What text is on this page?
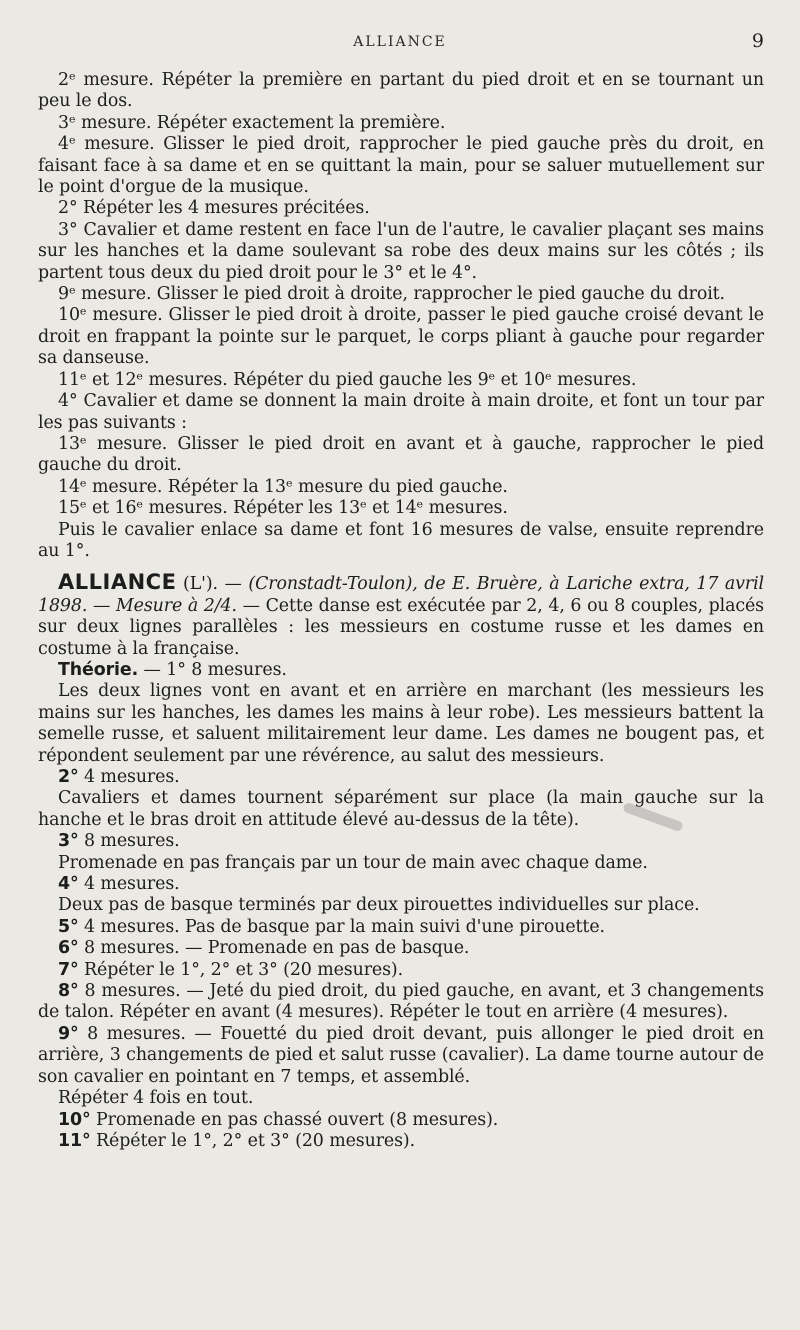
ALLIANCE	9

2ᵉ mesure. Répéter la première en partant du pied droit et en se tournant un peu le dos.

3ᵉ mesure. Répéter exactement la première.

4ᵉ mesure. Glisser le pied droit, rapprocher le pied gauche près du droit, en faisant face à sa dame et en se quittant la main, pour se saluer mutuellement sur le point d'orgue de la musique.

2° Répéter les 4 mesures précitées.

3° Cavalier et dame restent en face l'un de l'autre, le cavalier plaçant ses mains sur les hanches et la dame soulevant sa robe des deux mains sur les côtés ; ils partent tous deux du pied droit pour le 3° et le 4°.

9ᵉ mesure. Glisser le pied droit à droite, rapprocher le pied gauche du droit.

10ᵉ mesure. Glisser le pied droit à droite, passer le pied gauche croisé devant le droit en frappant la pointe sur le parquet, le corps pliant à gauche pour regarder sa danseuse.

11ᵉ et 12ᵉ mesures. Répéter du pied gauche les 9ᵉ et 10ᵉ mesures.

4° Cavalier et dame se donnent la main droite à main droite, et font un tour par les pas suivants :

13ᵉ mesure. Glisser le pied droit en avant et à gauche, rapprocher le pied gauche du droit.

14ᵉ mesure. Répéter la 13ᵉ mesure du pied gauche.

15ᵉ et 16ᵉ mesures. Répéter les 13ᵉ et 14ᵉ mesures.

Puis le cavalier enlace sa dame et font 16 mesures de valse, ensuite reprendre au 1°.

ALLIANCE (L'). — (Cronstadt-Toulon), de E. Bruère, à Lariche extra, 17 avril 1898. — Mesure à 2/4. — Cette danse est exécutée par 2, 4, 6 ou 8 couples, placés sur deux lignes parallèles : les messieurs en costume russe et les dames en costume à la française.

Théorie. — 1° 8 mesures.

Les deux lignes vont en avant et en arrière en marchant (les messieurs les mains sur les hanches, les dames les mains à leur robe). Les messieurs battent la semelle russe, et saluent militairement leur dame. Les dames ne bougent pas, et répondent seulement par une révérence, au salut des messieurs.

2° 4 mesures.

Cavaliers et dames tournent séparément sur place (la main gauche sur la hanche et le bras droit en attitude élevé au-dessus de la tête).

3° 8 mesures.

Promenade en pas français par un tour de main avec chaque dame.

4° 4 mesures.

Deux pas de basque terminés par deux pirouettes individuelles sur place.

5° 4 mesures. Pas de basque par la main suivi d'une pirouette.

6° 8 mesures. — Promenade en pas de basque.

7° Répéter le 1°, 2° et 3° (20 mesures).

8° 8 mesures. — Jeté du pied droit, du pied gauche, en avant, et 3 changements de talon. Répéter en avant (4 mesures). Répéter le tout en arrière (4 mesures).

9° 8 mesures. — Fouetté du pied droit devant, puis allonger le pied droit en arrière, 3 changements de pied et salut russe (cavalier). La dame tourne autour de son cavalier en pointant en 7 temps, et assemblé.

Répéter 4 fois en tout.

10° Promenade en pas chassé ouvert (8 mesures).

11° Répéter le 1°, 2° et 3° (20 mesures).
